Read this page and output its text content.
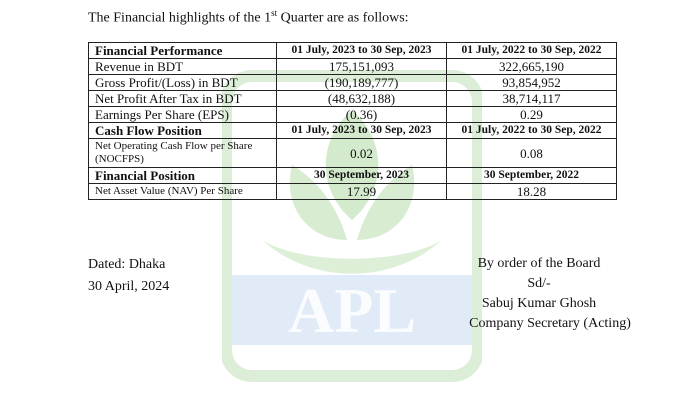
APL
The Financial highlights of the 1st Quarter are as follows:
Financial Performance	01 July, 2023 to 30 Sep, 2023	01 July, 2022 to 30 Sep, 2022
Revenue in BDT	175,151,093	322,665,190
Gross Profit/(Loss) in BDT	(190,189,777)	93,854,952
Net Profit After Tax in BDT	(48,632,188)	38,714,117
Earnings Per Share (EPS)	(0.36)	0.29
Cash Flow Position	01 July, 2023 to 30 Sep, 2023	01 July, 2022 to 30 Sep, 2022
Net Operating Cash Flow per Share (NOCFPS)	0.02	0.08
Financial Position	30 September, 2023	30 September, 2022
Net Asset Value (NAV) Per Share	17.99	18.28
Dated: Dhaka
30 April, 2024
By order of the Board
Sd/-
Sabuj Kumar Ghosh
Company Secretary (Acting)
